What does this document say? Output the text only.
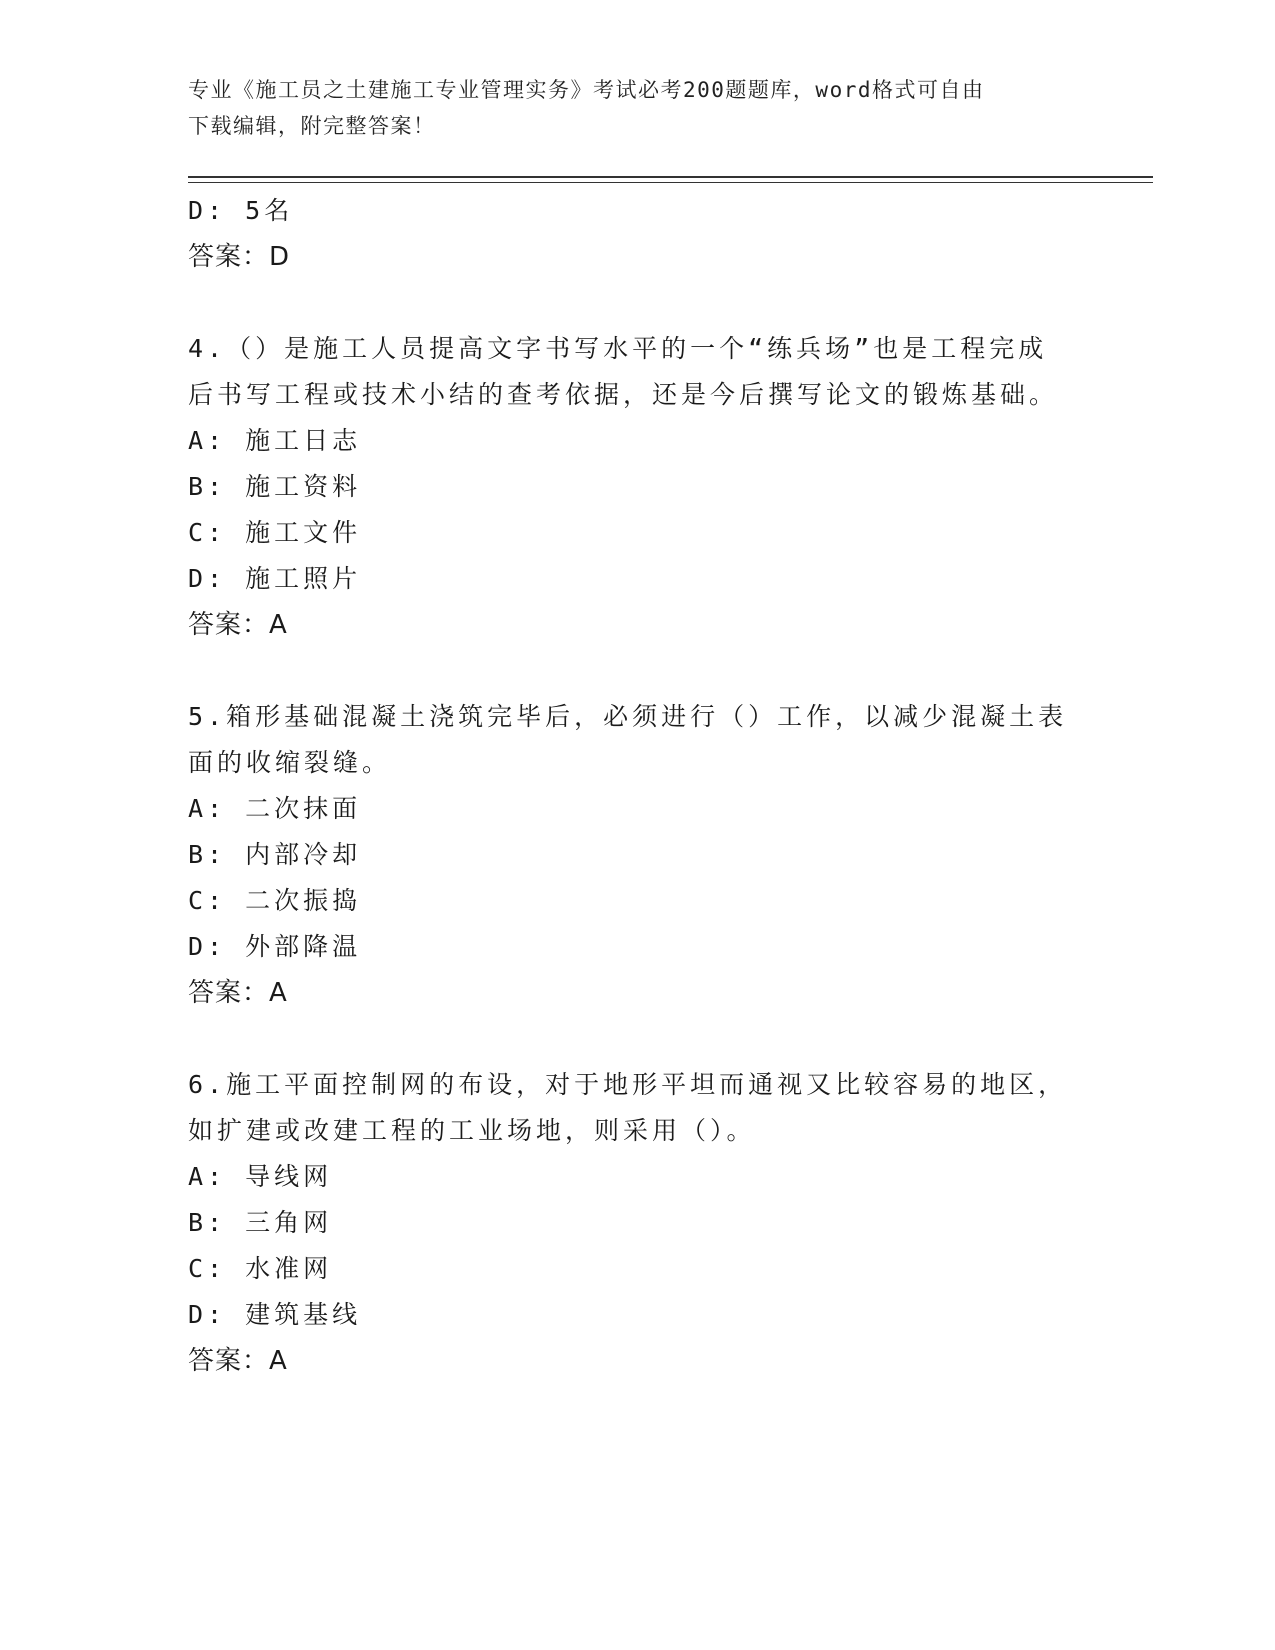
专业《施工员之土建施工专业管理实务》考试必考200题题库，word格式可自由
下载编辑，附完整答案！
D: 5名
答案：D
4.（）是施工人员提高文字书写水平的一个“练兵场”也是工程完成
后书写工程或技术小结的查考依据，还是今后撰写论文的锻炼基础。
A: 施工日志
B: 施工资料
C: 施工文件
D: 施工照片
答案：A
5.箱形基础混凝土浇筑完毕后，必须进行（）工作，以减少混凝土表
面的收缩裂缝。
A: 二次抹面
B: 内部冷却
C: 二次振捣
D: 外部降温
答案：A
6.施工平面控制网的布设，对于地形平坦而通视又比较容易的地区，
如扩建或改建工程的工业场地，则采用（）。
A: 导线网
B: 三角网
C: 水准网
D: 建筑基线
答案：A
